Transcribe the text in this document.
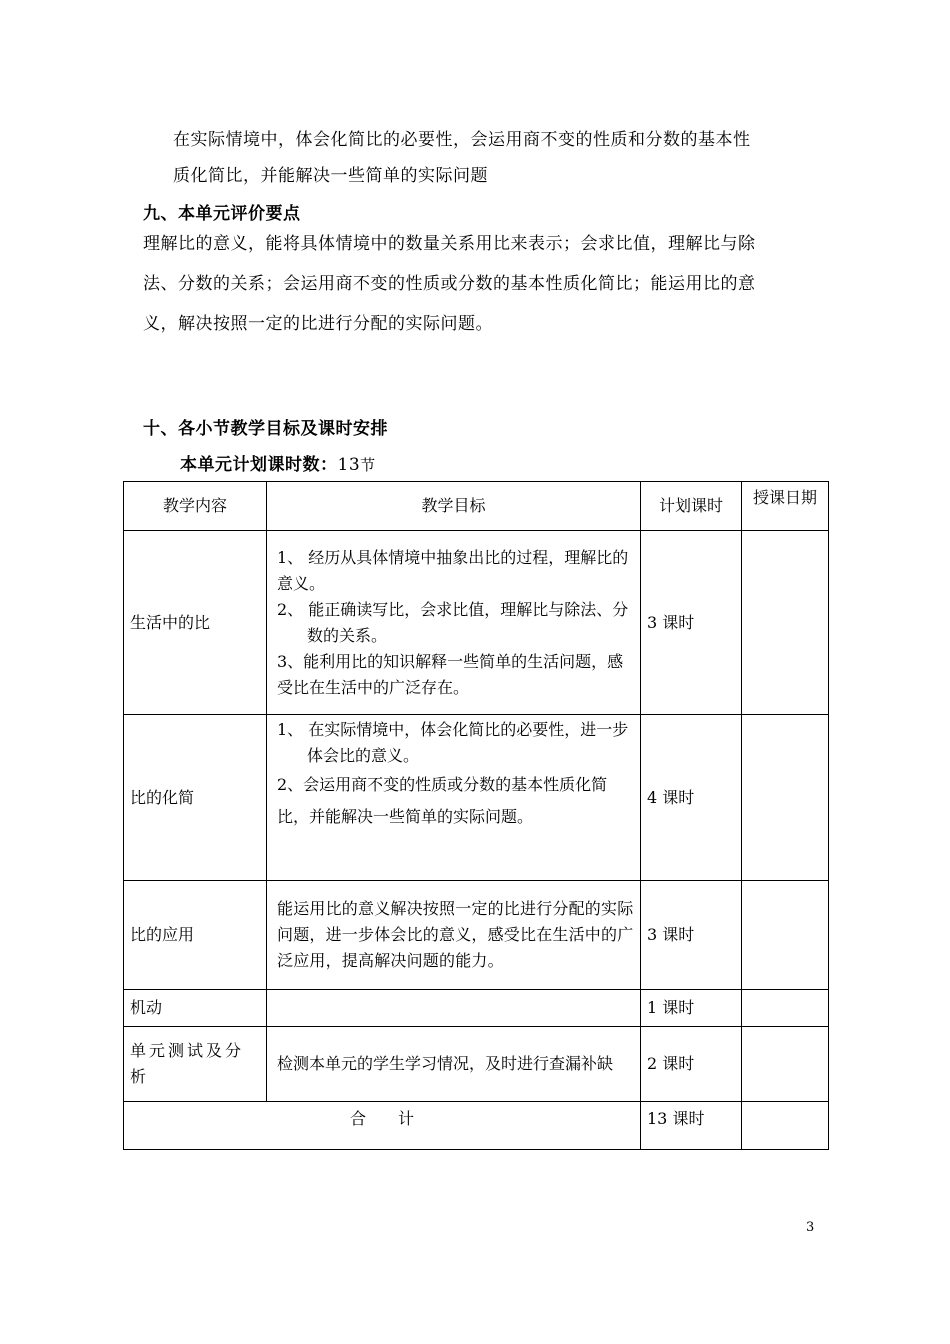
在实际情境中，体会化简比的必要性，会运用商不变的性质和分数的基本性
质化简比，并能解决一些简单的实际问题
九、本单元评价要点
理解比的意义，能将具体情境中的数量关系用比来表示；会求比值，理解比与除
法、分数的关系；会运用商不变的性质或分数的基本性质化简比；能运用比的意
义，解决按照一定的比进行分配的实际问题。
十、各小节教学目标及课时安排
本单元计划课时数：13节
教学内容	教学目标	计划课时	授课日期
生活中的比	1、 经历从具体情境中抽象出比的过程，理解比的
意义。
2、 能正确读写比，会求比值，理解比与除法、分数的关系。
3、能利用比的知识解释一些简单的生活问题，感受比在生活中的广泛存在。	3 课时	
比的化简	1、 在实际情境中，体会化简比的必要性，进一步体会比的意义。
2、会运用商不变的性质或分数的基本性质化简比，并能解决一些简单的实际问题。	4 课时	
比的应用	能运用比的意义解决按照一定的比进行分配的实际问题，进一步体会比的意义，感受比在生活中的广泛应用，提高解决问题的能力。	3 课时	
机动		1 课时	
单元测试及分析	检测本单元的学生学习情况，及时进行查漏补缺	2 课时	
合　　计		13 课时	
3
